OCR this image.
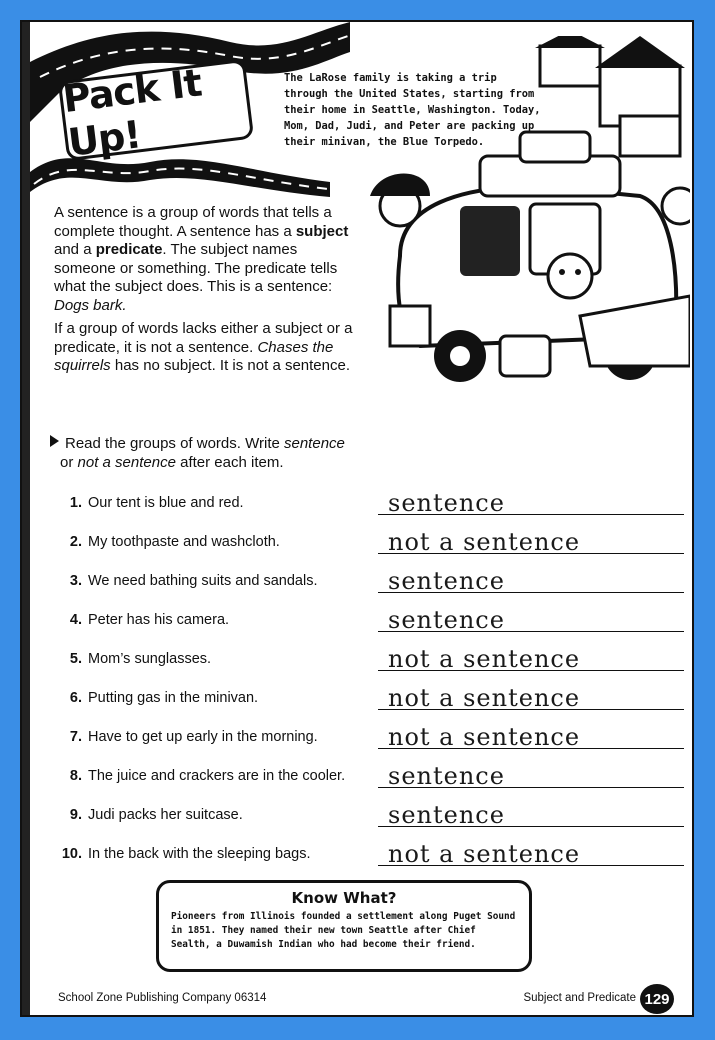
Pack It Up!
The LaRose family is taking a trip through the United States, starting from their home in Seattle, Washington. Today, Mom, Dad, Judi, and Peter are packing up their minivan, the Blue Torpedo.

A sentence is a group of words that tells a complete thought. A sentence has a subject and a predicate. The subject names someone or something. The predicate tells what the subject does. This is a sentence: Dogs bark.

If a group of words lacks either a subject or a predicate, it is not a sentence. Chases the squirrels has no subject. It is not a sentence.

Read the groups of words. Write sentence
or not a sentence after each item.
1. Our tent is blue and red.	sentence
2. My toothpaste and washcloth.	not a sentence
3. We need bathing suits and sandals.	sentence
4. Peter has his camera.	sentence
5. Mom’s sunglasses.	not a sentence
6. Putting gas in the minivan.	not a sentence
7. Have to get up early in the morning.	not a sentence
8. The juice and crackers are in the cooler. sentence
9. Judi packs her suitcase.	sentence
10. In the back with the sleeping bags.	not a sentence
Know What?

Pioneers from Illinois founded a settlement along Puget Sound in 1851. They named their new town Seattle after Chief Sealth, a Duwamish Indian who had become their friend.

School Zone Publishing Company 06314	Subject and Predicate 129
